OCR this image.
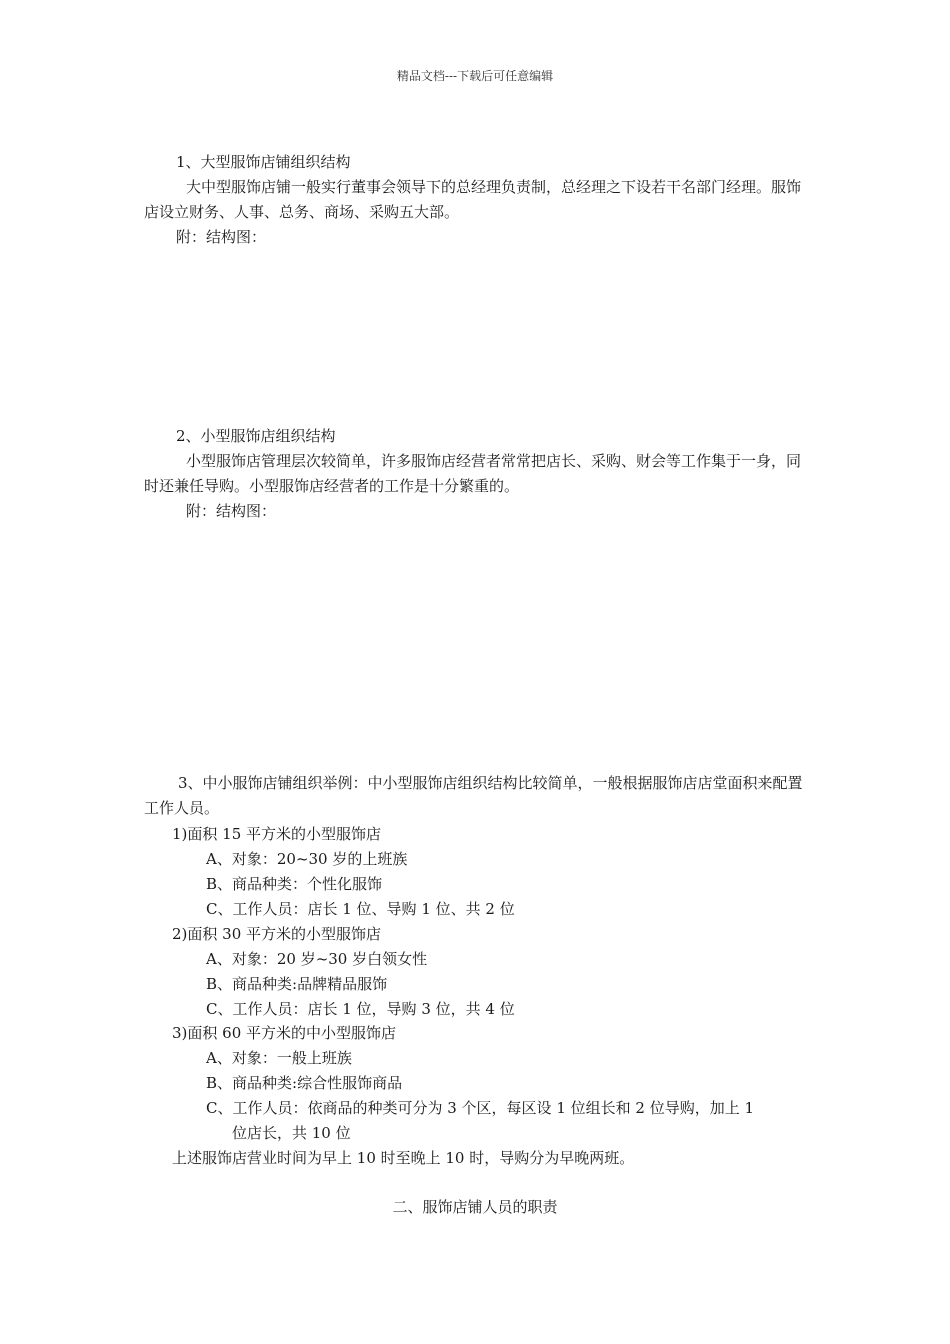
精品文档---下载后可任意编辑
1、大型服饰店铺组织结构

大中型服饰店铺一般实行董事会领导下的总经理负责制，总经理之下设若干名部门经理。服饰店设立财务、人事、总务、商场、采购五大部。

附：结构图：
2、小型服饰店组织结构

小型服饰店管理层次较简单，许多服饰店经营者常常把店长、采购、财会等工作集于一身，同时还兼任导购。小型服饰店经营者的工作是十分繁重的。

附：结构图：

3、中小服饰店铺组织举例：中小型服饰店组织结构比较简单，一般根据服饰店店堂面积来配置工作人员。

1)面积 15 平方米的小型服饰店
A、对象：20~30 岁的上班族
B、商品种类：个性化服饰
C、工作人员：店长 1 位、导购 1 位、共 2 位
2)面积 30 平方米的小型服饰店
A、对象：20 岁~30 岁白领女性
B、商品种类:品牌精品服饰
C、工作人员：店长 1 位，导购 3 位，共 4 位
3)面积 60 平方米的中小型服饰店
A、对象：一般上班族
B、商品种类:综合性服饰商品
C、工作人员：依商品的种类可分为 3 个区，每区设 1 位组长和 2 位导购，加上 1
位店长，共 10 位
上述服饰店营业时间为早上 10 时至晚上 10 时，导购分为早晚两班。
二、服饰店铺人员的职责
